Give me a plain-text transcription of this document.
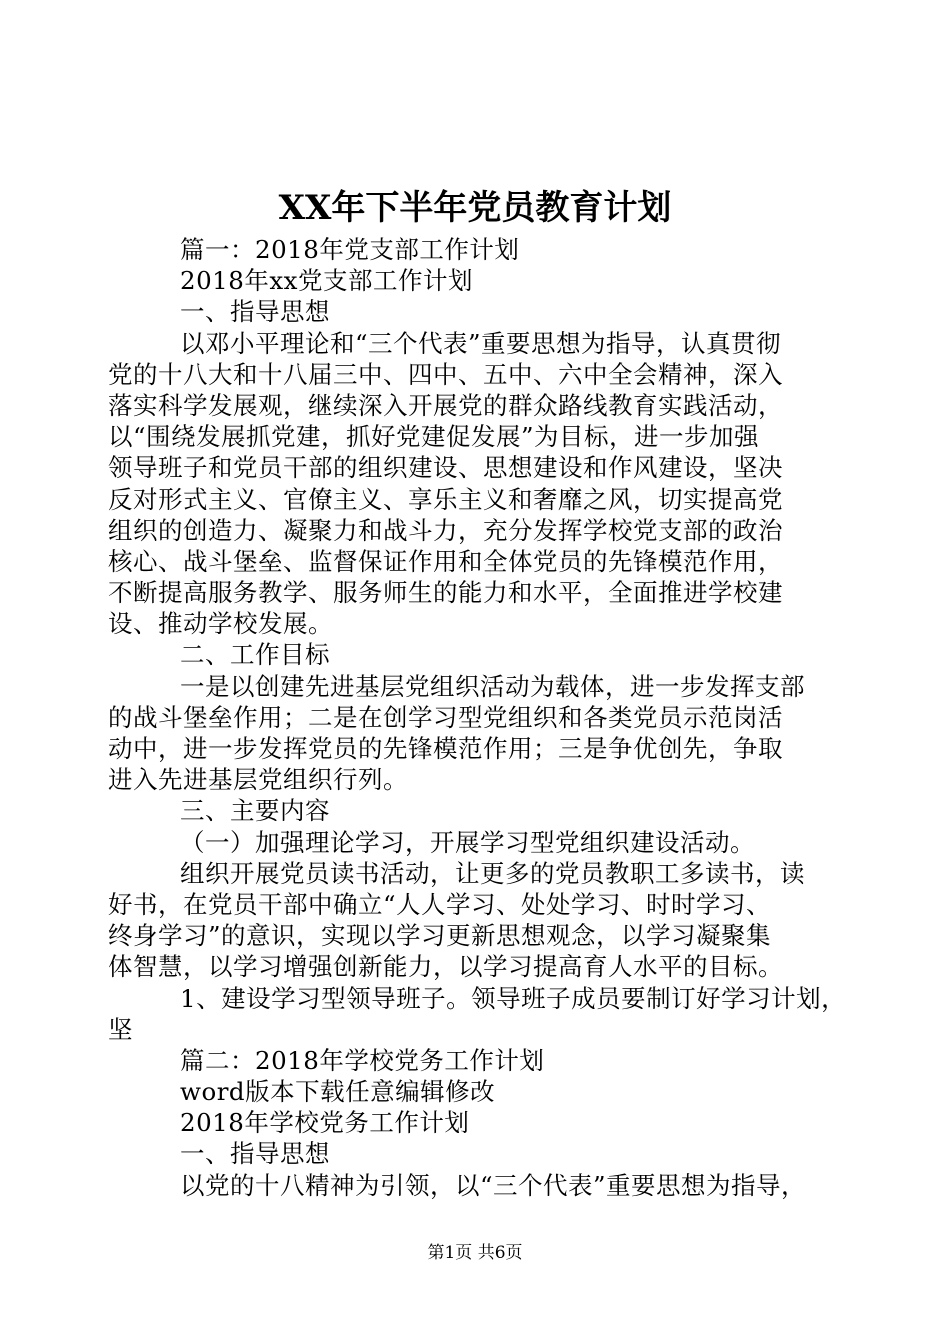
XX年下半年党员教育计划
篇一：2018年党支部工作计划
2018年xx党支部工作计划
一、指导思想
以邓小平理论和“三个代表”重要思想为指导，认真贯彻
党的十八大和十八届三中、四中、五中、六中全会精神，深入
落实科学发展观，继续深入开展党的群众路线教育实践活动，
以“围绕发展抓党建，抓好党建促发展”为目标，进一步加强
领导班子和党员干部的组织建设、思想建设和作风建设，坚决
反对形式主义、官僚主义、享乐主义和奢靡之风，切实提高党
组织的创造力、凝聚力和战斗力，充分发挥学校党支部的政治
核心、战斗堡垒、监督保证作用和全体党员的先锋模范作用，
不断提高服务教学、服务师生的能力和水平，全面推进学校建
设、推动学校发展。
二、工作目标
一是以创建先进基层党组织活动为载体，进一步发挥支部
的战斗堡垒作用；二是在创学习型党组织和各类党员示范岗活
动中，进一步发挥党员的先锋模范作用；三是争优创先，争取
进入先进基层党组织行列。
三、主要内容
（一）加强理论学习，开展学习型党组织建设活动。
组织开展党员读书活动，让更多的党员教职工多读书，读
好书，在党员干部中确立“人人学习、处处学习、时时学习、
终身学习”的意识，实现以学习更新思想观念，以学习凝聚集
体智慧，以学习增强创新能力，以学习提高育人水平的目标。
1、建设学习型领导班子。领导班子成员要制订好学习计划，
坚
篇二：2018年学校党务工作计划
word版本下载任意编辑修改
2018年学校党务工作计划
一、指导思想
以党的十八精神为引领，以“三个代表”重要思想为指导，
第1页 共6页
